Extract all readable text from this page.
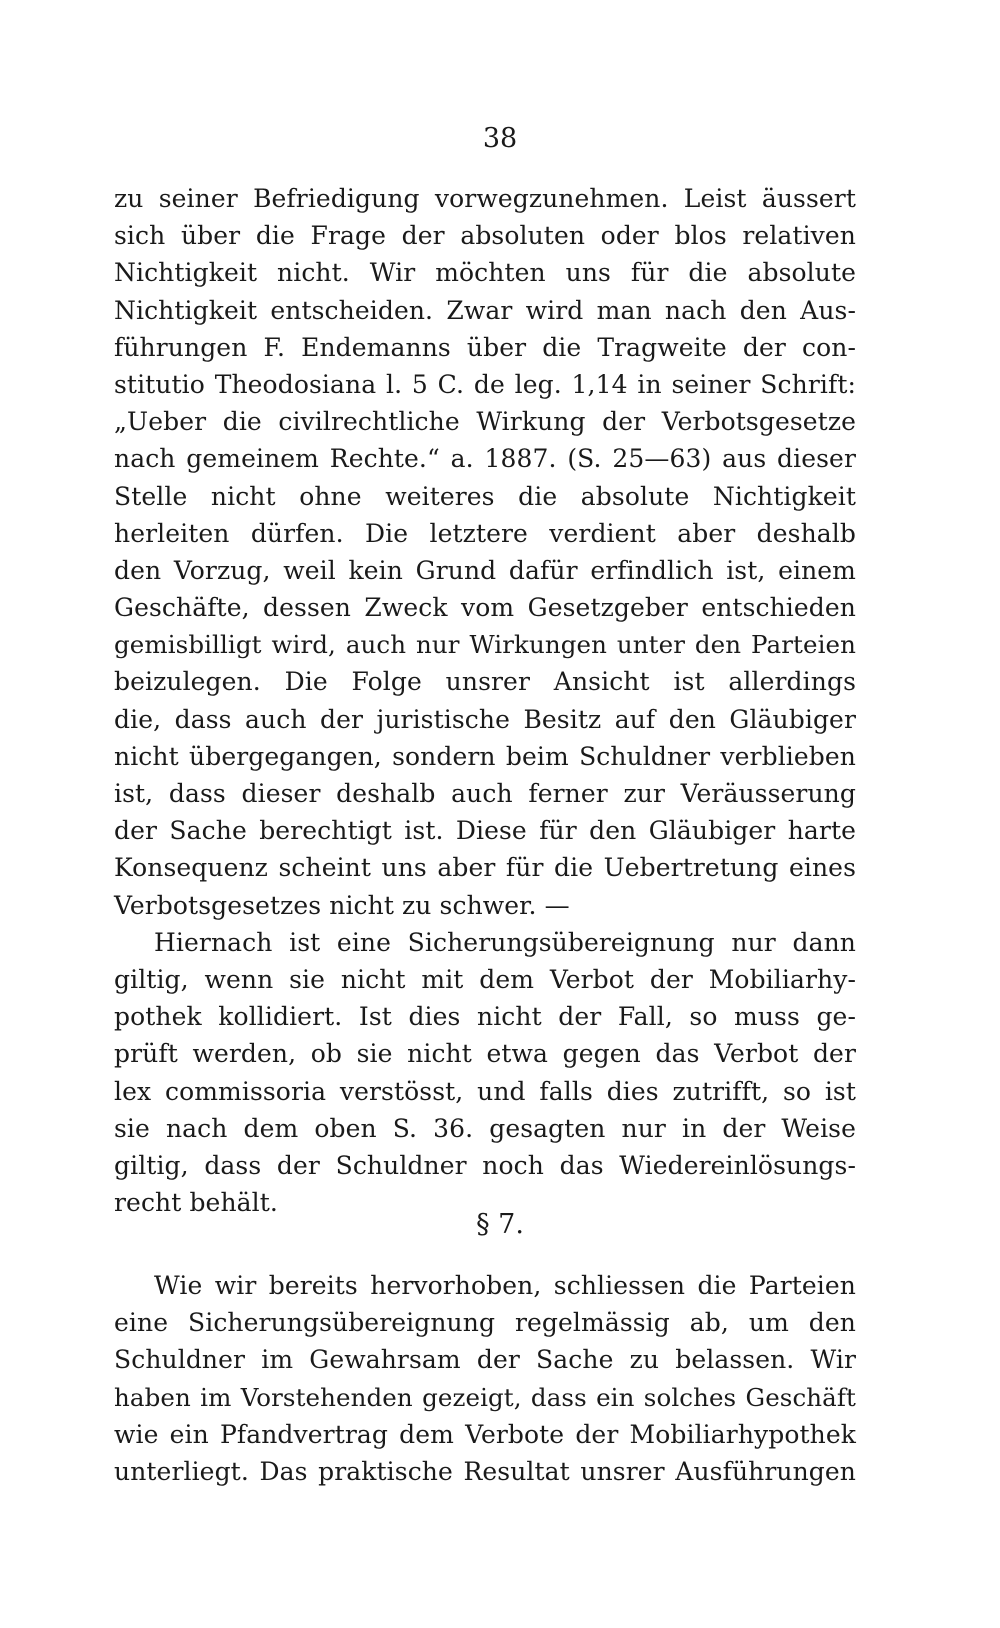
38
zu seiner Befriedigung vorwegzunehmen. Leist äussert
sich über die Frage der absoluten oder blos relativen
Nichtigkeit nicht. Wir möchten uns für die absolute
Nichtigkeit entscheiden. Zwar wird man nach den Aus-
führungen F. Endemanns über die Tragweite der con-
stitutio Theodosiana l. 5 C. de leg. 1,14 in seiner Schrift:
„Ueber die civilrechtliche Wirkung der Verbotsgesetze
nach gemeinem Rechte.“ a. 1887. (S. 25—63) aus dieser
Stelle nicht ohne weiteres die absolute Nichtigkeit
herleiten dürfen. Die letztere verdient aber deshalb
den Vorzug, weil kein Grund dafür erfindlich ist, einem
Geschäfte, dessen Zweck vom Gesetzgeber entschieden
gemisbilligt wird, auch nur Wirkungen unter den Parteien
beizulegen. Die Folge unsrer Ansicht ist allerdings
die, dass auch der juristische Besitz auf den Gläubiger
nicht übergegangen, sondern beim Schuldner verblieben
ist, dass dieser deshalb auch ferner zur Veräusserung
der Sache berechtigt ist. Diese für den Gläubiger harte
Konsequenz scheint uns aber für die Uebertretung eines
Verbotsgesetzes nicht zu schwer. —
Hiernach ist eine Sicherungsübereignung nur dann
giltig, wenn sie nicht mit dem Verbot der Mobiliarhy-
pothek kollidiert. Ist dies nicht der Fall, so muss ge-
prüft werden, ob sie nicht etwa gegen das Verbot der
lex commissoria verstösst, und falls dies zutrifft, so ist
sie nach dem oben S. 36. gesagten nur in der Weise
giltig, dass der Schuldner noch das Wiedereinlösungs-
recht behält.
§ 7.
Wie wir bereits hervorhoben, schliessen die Parteien
eine Sicherungsübereignung regelmässig ab, um den
Schuldner im Gewahrsam der Sache zu belassen. Wir
haben im Vorstehenden gezeigt, dass ein solches Geschäft
wie ein Pfandvertrag dem Verbote der Mobiliarhypothek
unterliegt. Das praktische Resultat unsrer Ausführungen
